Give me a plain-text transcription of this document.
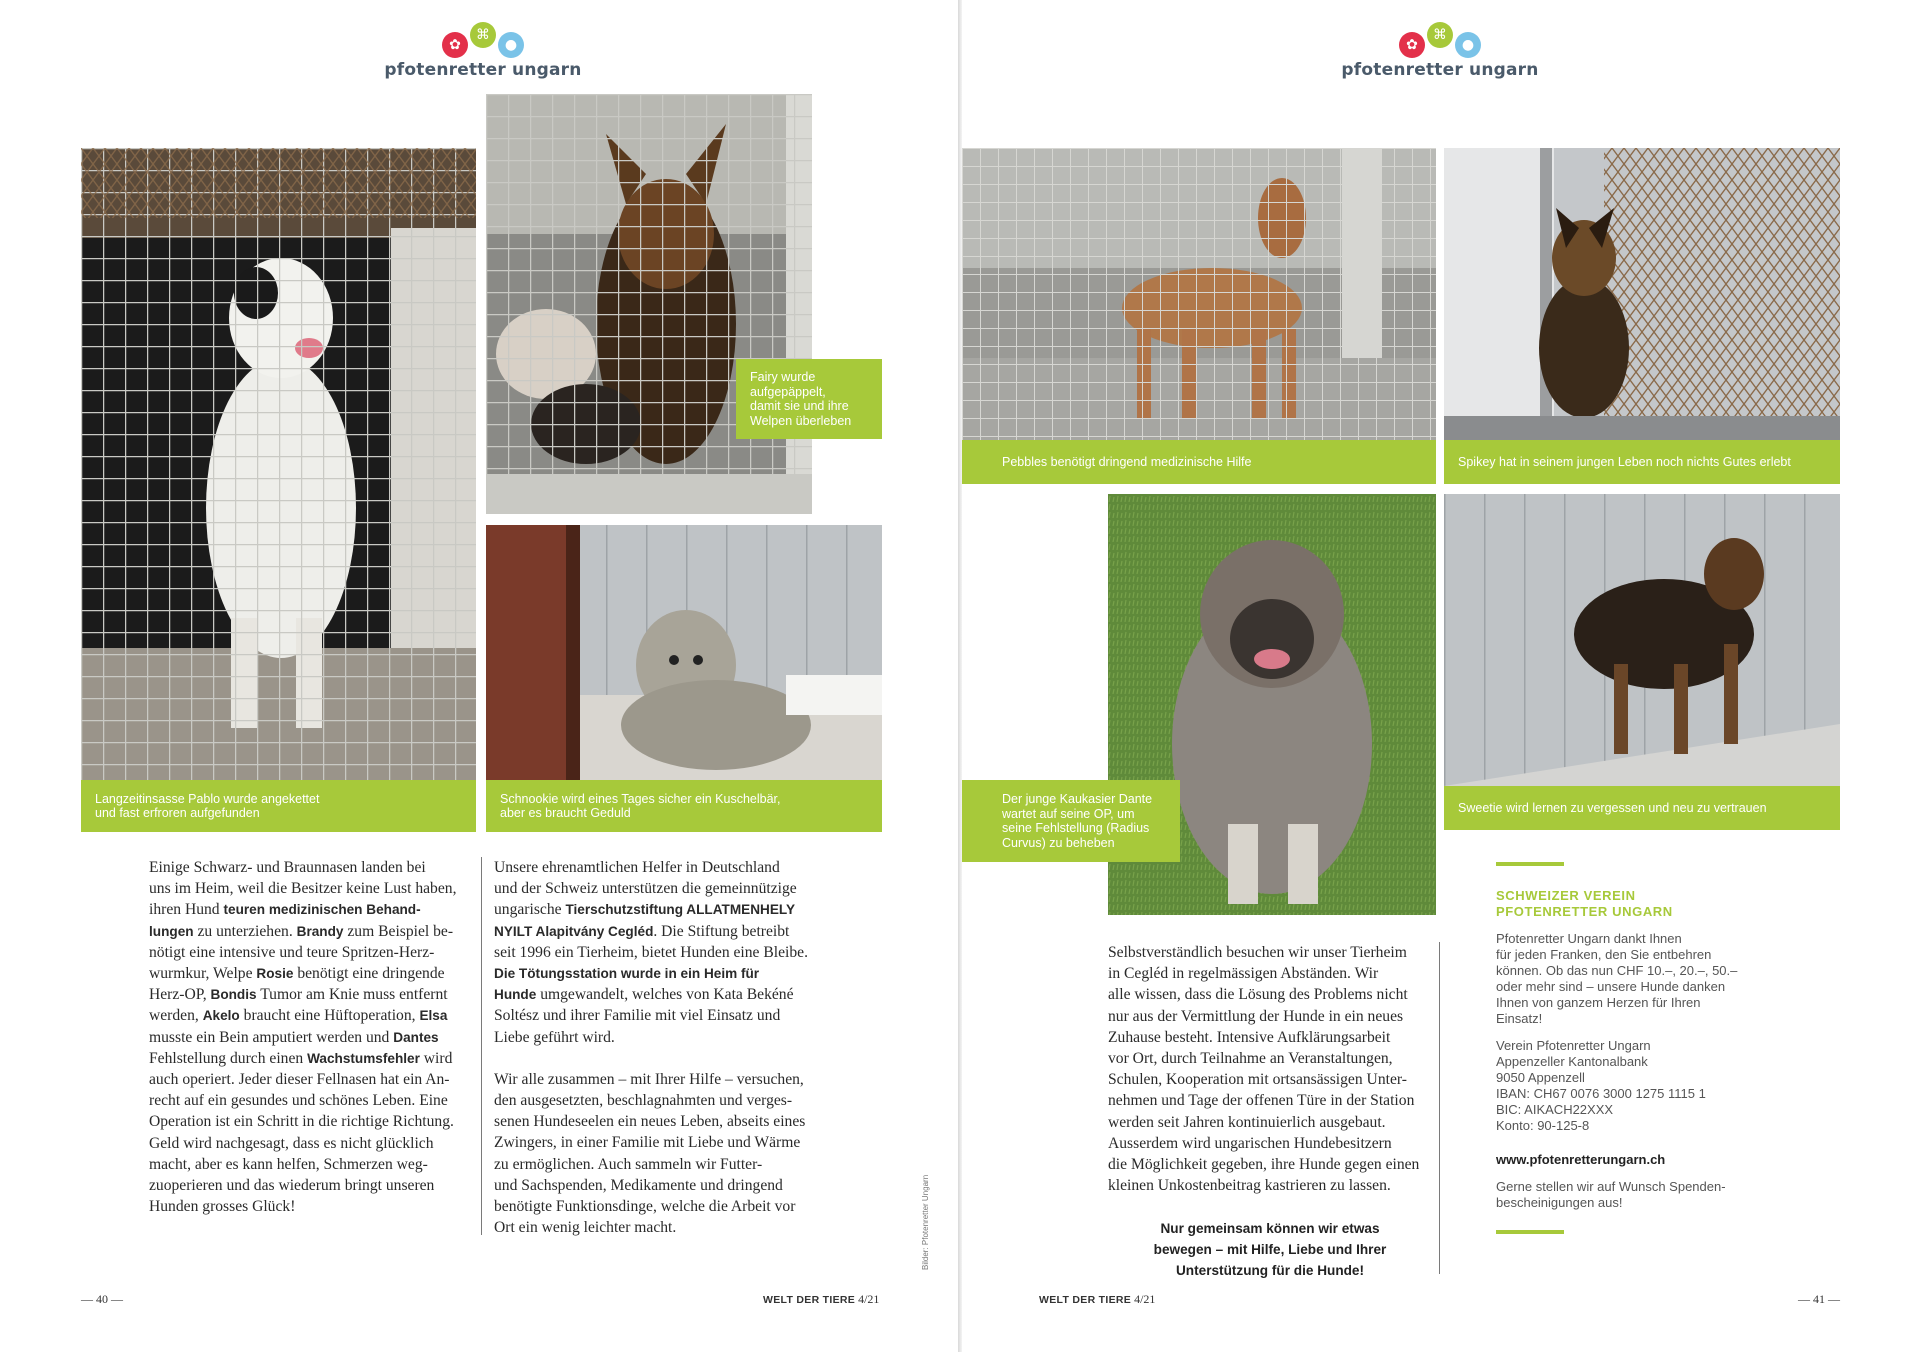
✿
⌘
●
pfotenretter ungarn
Langzeitinsasse Pablo wurde angekettet
und fast erfroren aufgefunden
Fairy wurde
aufgepäppelt,
damit sie und ihre
Welpen überleben
Schnookie wird eines Tages sicher ein Kuschelbär,
aber es braucht Geduld

Einige Schwarz- und Braunnasen landen bei
uns im Heim, weil die Besitzer keine Lust haben,
ihren Hund teuren medizinischen Behand-
lungen zu unterziehen. Brandy zum Beispiel be-
nötigt eine intensive und teure Spritzen-Herz-
wurmkur, Welpe Rosie benötigt eine dringende
Herz-OP, Bondis Tumor am Knie muss entfernt
werden, Akelo braucht eine Hüftoperation, Elsa
musste ein Bein amputiert werden und Dantes
Fehlstellung durch einen Wachstumsfehler wird
auch operiert. Jeder dieser Fellnasen hat ein An-
recht auf ein gesundes und schönes Leben. Eine
Operation ist ein Schritt in die richtige Richtung.
Geld wird nachgesagt, dass es nicht glücklich
macht, aber es kann helfen, Schmerzen weg-
zuoperieren und das wiederum bringt unseren
Hunden grosses Glück!

Unsere ehrenamtlichen Helfer in Deutschland
und der Schweiz unterstützen die gemeinnützige
ungarische Tierschutzstiftung ALLATMENHELY
NYILT Alapitvány Cegléd. Die Stiftung betreibt
seit 1996 ein Tierheim, bietet Hunden eine Bleibe.
Die Tötungsstation wurde in ein Heim für
Hunde umgewandelt, welches von Kata Bekéné
Soltész und ihrer Familie mit viel Einsatz und
Liebe geführt wird.

Wir alle zusammen – mit Ihrer Hilfe – versuchen,
den ausgesetzten, beschlagnahmten und verges-
senen Hundeseelen ein neues Leben, abseits eines
Zwingers, in einer Familie mit Liebe und Wärme
zu ermöglichen. Auch sammeln wir Futter-
und Sachspenden, Medikamente und dringend
benötigte Funktionsdinge, welche die Arbeit vor
Ort ein wenig leichter macht.	Bilder: Pfotenretter Ungarn
— 40 —	WELT DER TIERE 4/21
✿
⌘
●
pfotenretter ungarn
Pebbles benötigt dringend medizinische Hilfe	Spikey hat in seinem jungen Leben noch nichts Gutes erlebt
Der junge Kaukasier Dante
wartet auf seine OP, um
seine Fehlstellung (Radius
Curvus) zu beheben
Sweetie wird lernen zu vergessen und neu zu vertrauen

Selbstverständlich besuchen wir unser Tierheim
in Cegléd in regelmässigen Abständen. Wir
alle wissen, dass die Lösung des Problems nicht
nur aus der Vermittlung der Hunde in ein neues
Zuhause besteht. Intensive Aufklärungsarbeit
vor Ort, durch Teilnahme an Veranstaltungen,
Schulen, Kooperation mit ortsansässigen Unter-
nehmen und Tage der offenen Türe in der Station
werden seit Jahren kontinuierlich ausgebaut.
Ausserdem wird ungarischen Hundebesitzern
die Möglichkeit gegeben, ihre Hunde gegen einen
kleinen Unkostenbeitrag kastrieren zu lassen.

Nur gemeinsam können wir etwas
bewegen – mit Hilfe, Liebe und Ihrer
Unterstützung für die Hunde!
SCHWEIZER VEREIN
PFOTENRETTER UNGARN

Pfotenretter Ungarn dankt Ihnen
für jeden Franken, den Sie entbehren
können. Ob das nun CHF 10.–, 20.–, 50.–
oder mehr sind – unsere Hunde danken
Ihnen von ganzem Herzen für Ihren
Einsatz!

Verein Pfotenretter Ungarn
Appenzeller Kantonalbank
9050 Appenzell
IBAN: CH67 0076 3000 1275 1115 1
BIC: AIKACH22XXX
Konto: 90-125-8

www.pfotenretterungarn.ch

Gerne stellen wir auf Wunsch Spenden-
bescheinigungen aus!

WELT DER TIERE 4/21	— 41 —
